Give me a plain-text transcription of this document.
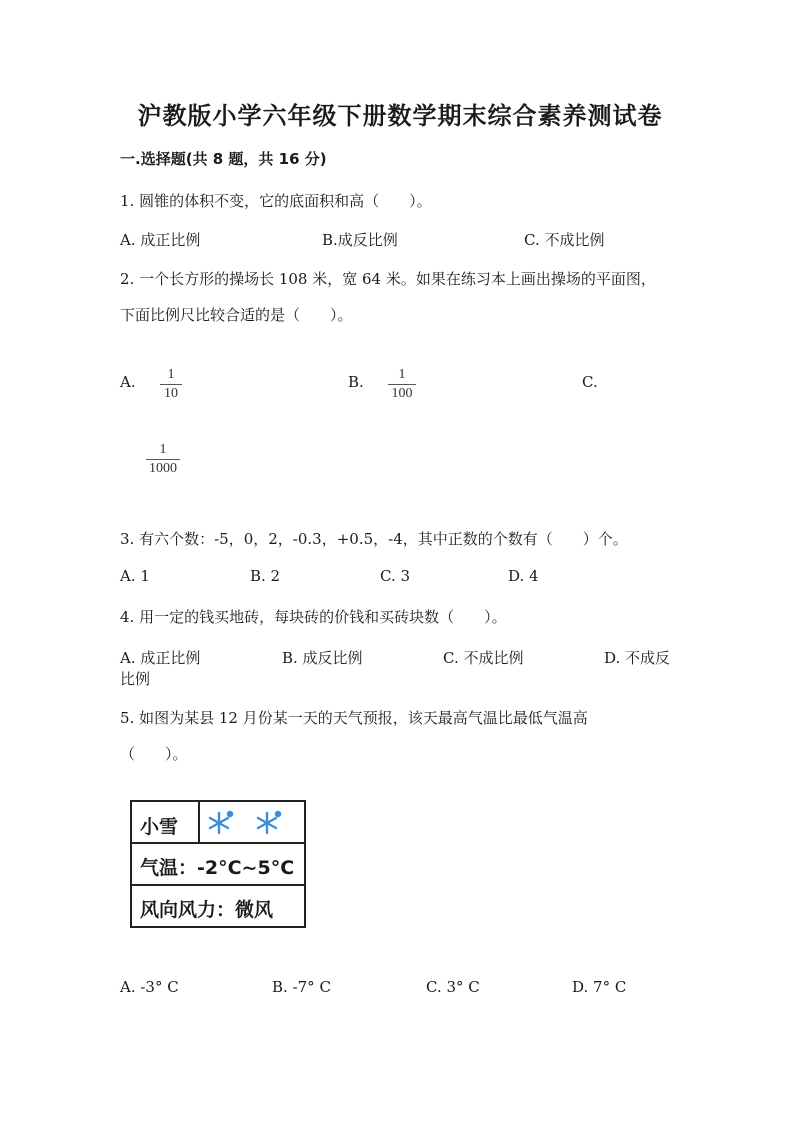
沪教版小学六年级下册数学期末综合素养测试卷
一.选择题(共 8 题，共 16 分)
1. 圆锥的体积不变，它的底面积和高（　　）。
A. 成正比例	B.成反比例	C. 不成比例
2. 一个长方形的操场长 108 米，宽 64 米。如果在练习本上画出操场的平面图，
下面比例尺比较合适的是（　　）。
A. 1
10
B. 1
100
C.
1
1000
3. 有六个数：-5，0，2，-0.3，+0.5，-4，其中正数的个数有（　　）个。
A. 1	B. 2	C. 3	D. 4
4. 用一定的钱买地砖，每块砖的价钱和买砖块数（　　）。
A. 成正比例	B. 成反比例	C. 不成比例	D. 不成反
比例
5. 如图为某县 12 月份某一天的天气预报，该天最高气温比最低气温高
（　　）。
小雪
气温：-2°C~5°C
风向风力：微风
A. -3° C	B. -7° C	C. 3° C	D. 7° C
